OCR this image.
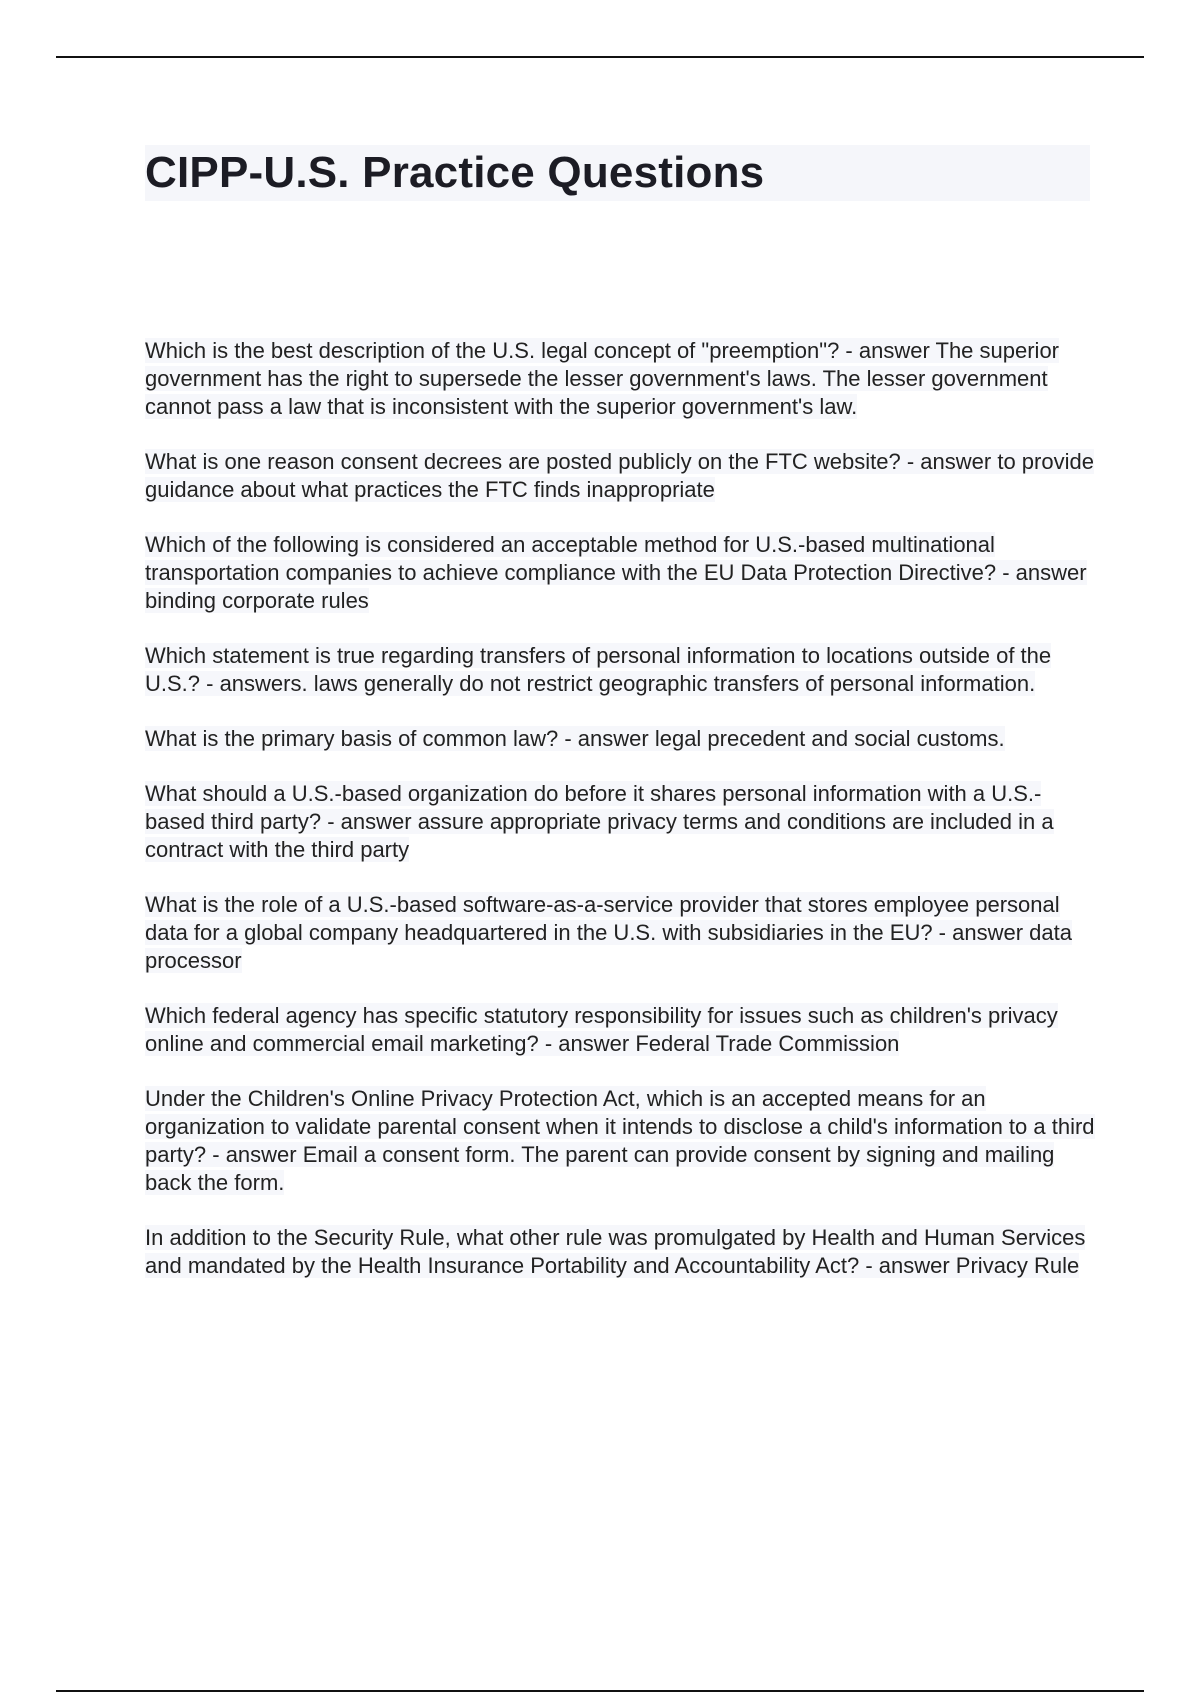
CIPP-U.S. Practice Questions
Which is the best description of the U.S. legal concept of "preemption"? - answer The superior government has the right to supersede the lesser government's laws. The lesser government cannot pass a law that is inconsistent with the superior government's law.
What is one reason consent decrees are posted publicly on the FTC website? - answer to provide guidance about what practices the FTC finds inappropriate
Which of the following is considered an acceptable method for U.S.-based multinational transportation companies to achieve compliance with the EU Data Protection Directive? - answer binding corporate rules
Which statement is true regarding transfers of personal information to locations outside of the U.S.? - answers. laws generally do not restrict geographic transfers of personal information.
What is the primary basis of common law? - answer legal precedent and social customs.
What should a U.S.-based organization do before it shares personal information with a U.S.-based third party? - answer assure appropriate privacy terms and conditions are included in a contract with the third party
What is the role of a U.S.-based software-as-a-service provider that stores employee personal data for a global company headquartered in the U.S. with subsidiaries in the EU? - answer data processor
Which federal agency has specific statutory responsibility for issues such as children's privacy online and commercial email marketing? - answer Federal Trade Commission
Under the Children's Online Privacy Protection Act, which is an accepted means for an organization to validate parental consent when it intends to disclose a child's information to a third party? - answer Email a consent form. The parent can provide consent by signing and mailing back the form.
In addition to the Security Rule, what other rule was promulgated by Health and Human Services and mandated by the Health Insurance Portability and Accountability Act? - answer Privacy Rule
